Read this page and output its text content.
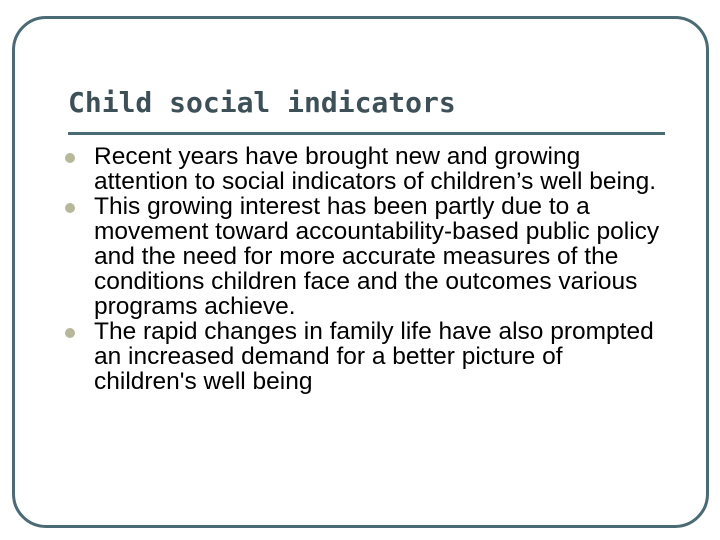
Child social indicators
Recent years have brought new and growing attention to social indicators of children’s well being.
This growing interest has been partly due to a movement toward accountability-based public policy and the need for more accurate measures of the conditions children face and the outcomes various programs achieve.
The rapid changes in family life have also prompted an increased demand for a better picture of children's well being
